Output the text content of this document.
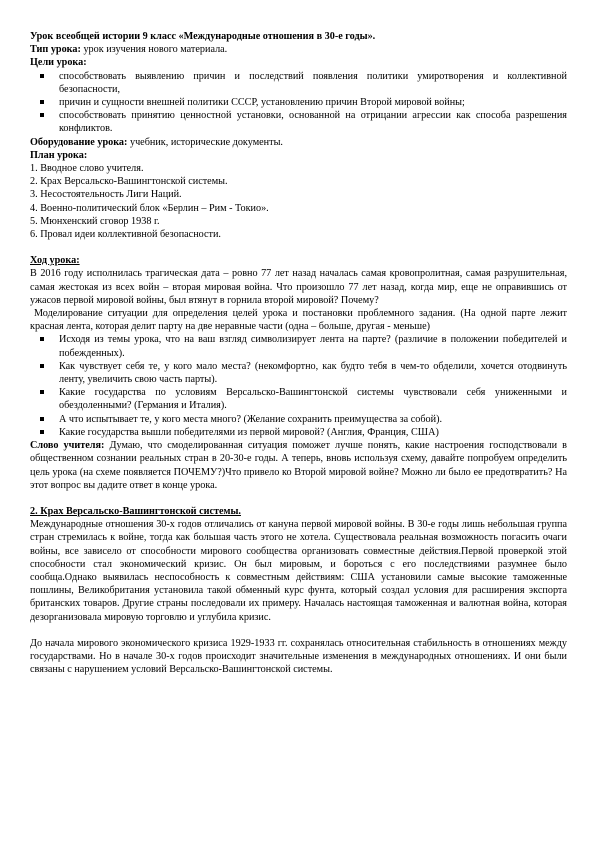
Урок всеобщей истории 9 класс «Международные отношения в 30-е годы».

Тип урока: урок изучения нового материала.

Цели урока:

способствовать выявлению причин и последствий появления политики умиротворения и коллективной безопасности,
причин и сущности внешней политики СССР, установлению причин Второй мировой войны;
способствовать принятию ценностной установки, основанной на отрицании агрессии как способа разрешения конфликтов.

Оборудование урока: учебник, исторические документы.

План урока:

1. Вводное слово учителя.

2. Крах Версальско-Вашингтонской системы.

3. Несостоятельность Лиги Наций.

4. Военно-политический блок «Берлин – Рим - Токио».

5. Мюнхенский сговор 1938 г.

6. Провал идеи коллективной безопасности.

Ход урока:

В 2016 году исполнилась трагическая дата – ровно 77 лет назад началась самая кровопролитная, самая разрушительная, самая жестокая из всех войн – вторая мировая война. Что произошло 77 лет назад, когда мир, еще не оправившись от ужасов первой мировой войны, был втянут в горнила второй мировой? Почему?

Моделирование ситуации для определения целей урока и постановки проблемного задания. (На одной парте лежит красная лента, которая делит парту на две неравные части (одна – больше, другая - меньше)

Исходя из темы урока, что на ваш взгляд символизирует лента на парте? (различие в положении победителей и побежденных).
Как чувствует себя те, у кого мало места? (некомфортно, как будто тебя в чем-то обделили, хочется отодвинуть ленту, увеличить свою часть парты).
Какие государства по условиям Версальско-Вашингтонской системы чувствовали себя униженными и обездоленными? (Германия и Италия).
А что испытывает те, у кого места много? (Желание сохранить преимущества за собой).
Какие государства вышли победителями из первой мировой? (Англия, Франция, США)

Слово учителя: Думаю, что смоделированная ситуация поможет лучше понять, какие настроения господствовали в общественном сознании реальных стран в 20-30-е годы. А теперь, вновь используя схему, давайте попробуем определить цель урока (на схеме появляется ПОЧЕМУ?)Что привело ко Второй мировой войне? Можно ли было ее предотвратить? На этот вопрос вы дадите ответ в конце урока.

2. Крах Версальско-Вашингтонской системы.

Международные отношения 30-х годов отличались от кануна первой мировой войны. В 30-е годы лишь небольшая группа стран стремилась к войне, тогда как большая часть этого не хотела. Существовала реальная возможность погасить очаги войны, все зависело от способности мирового сообщества организовать совместные действия.Первой проверкой этой способности стал экономический кризис. Он был мировым, и бороться с его последствиями разумнее было сообща.Однако выявилась неспособность к совместным действиям: США установили самые высокие таможенные пошлины, Великобритания установила такой обменный курс фунта, который создал условия для расширения экспорта британских товаров. Другие страны последовали их примеру. Началась настоящая таможенная и валютная война, которая дезорганизовала мировую торговлю и углубила кризис.

До начала мирового экономического кризиса 1929-1933 гг. сохранялась относительная стабильность в отношениях между государствами. Но в начале 30-х годов происходит значительные изменения в международных отношениях. И они были связаны с нарушением условий Версальско-Вашингтонской системы.
